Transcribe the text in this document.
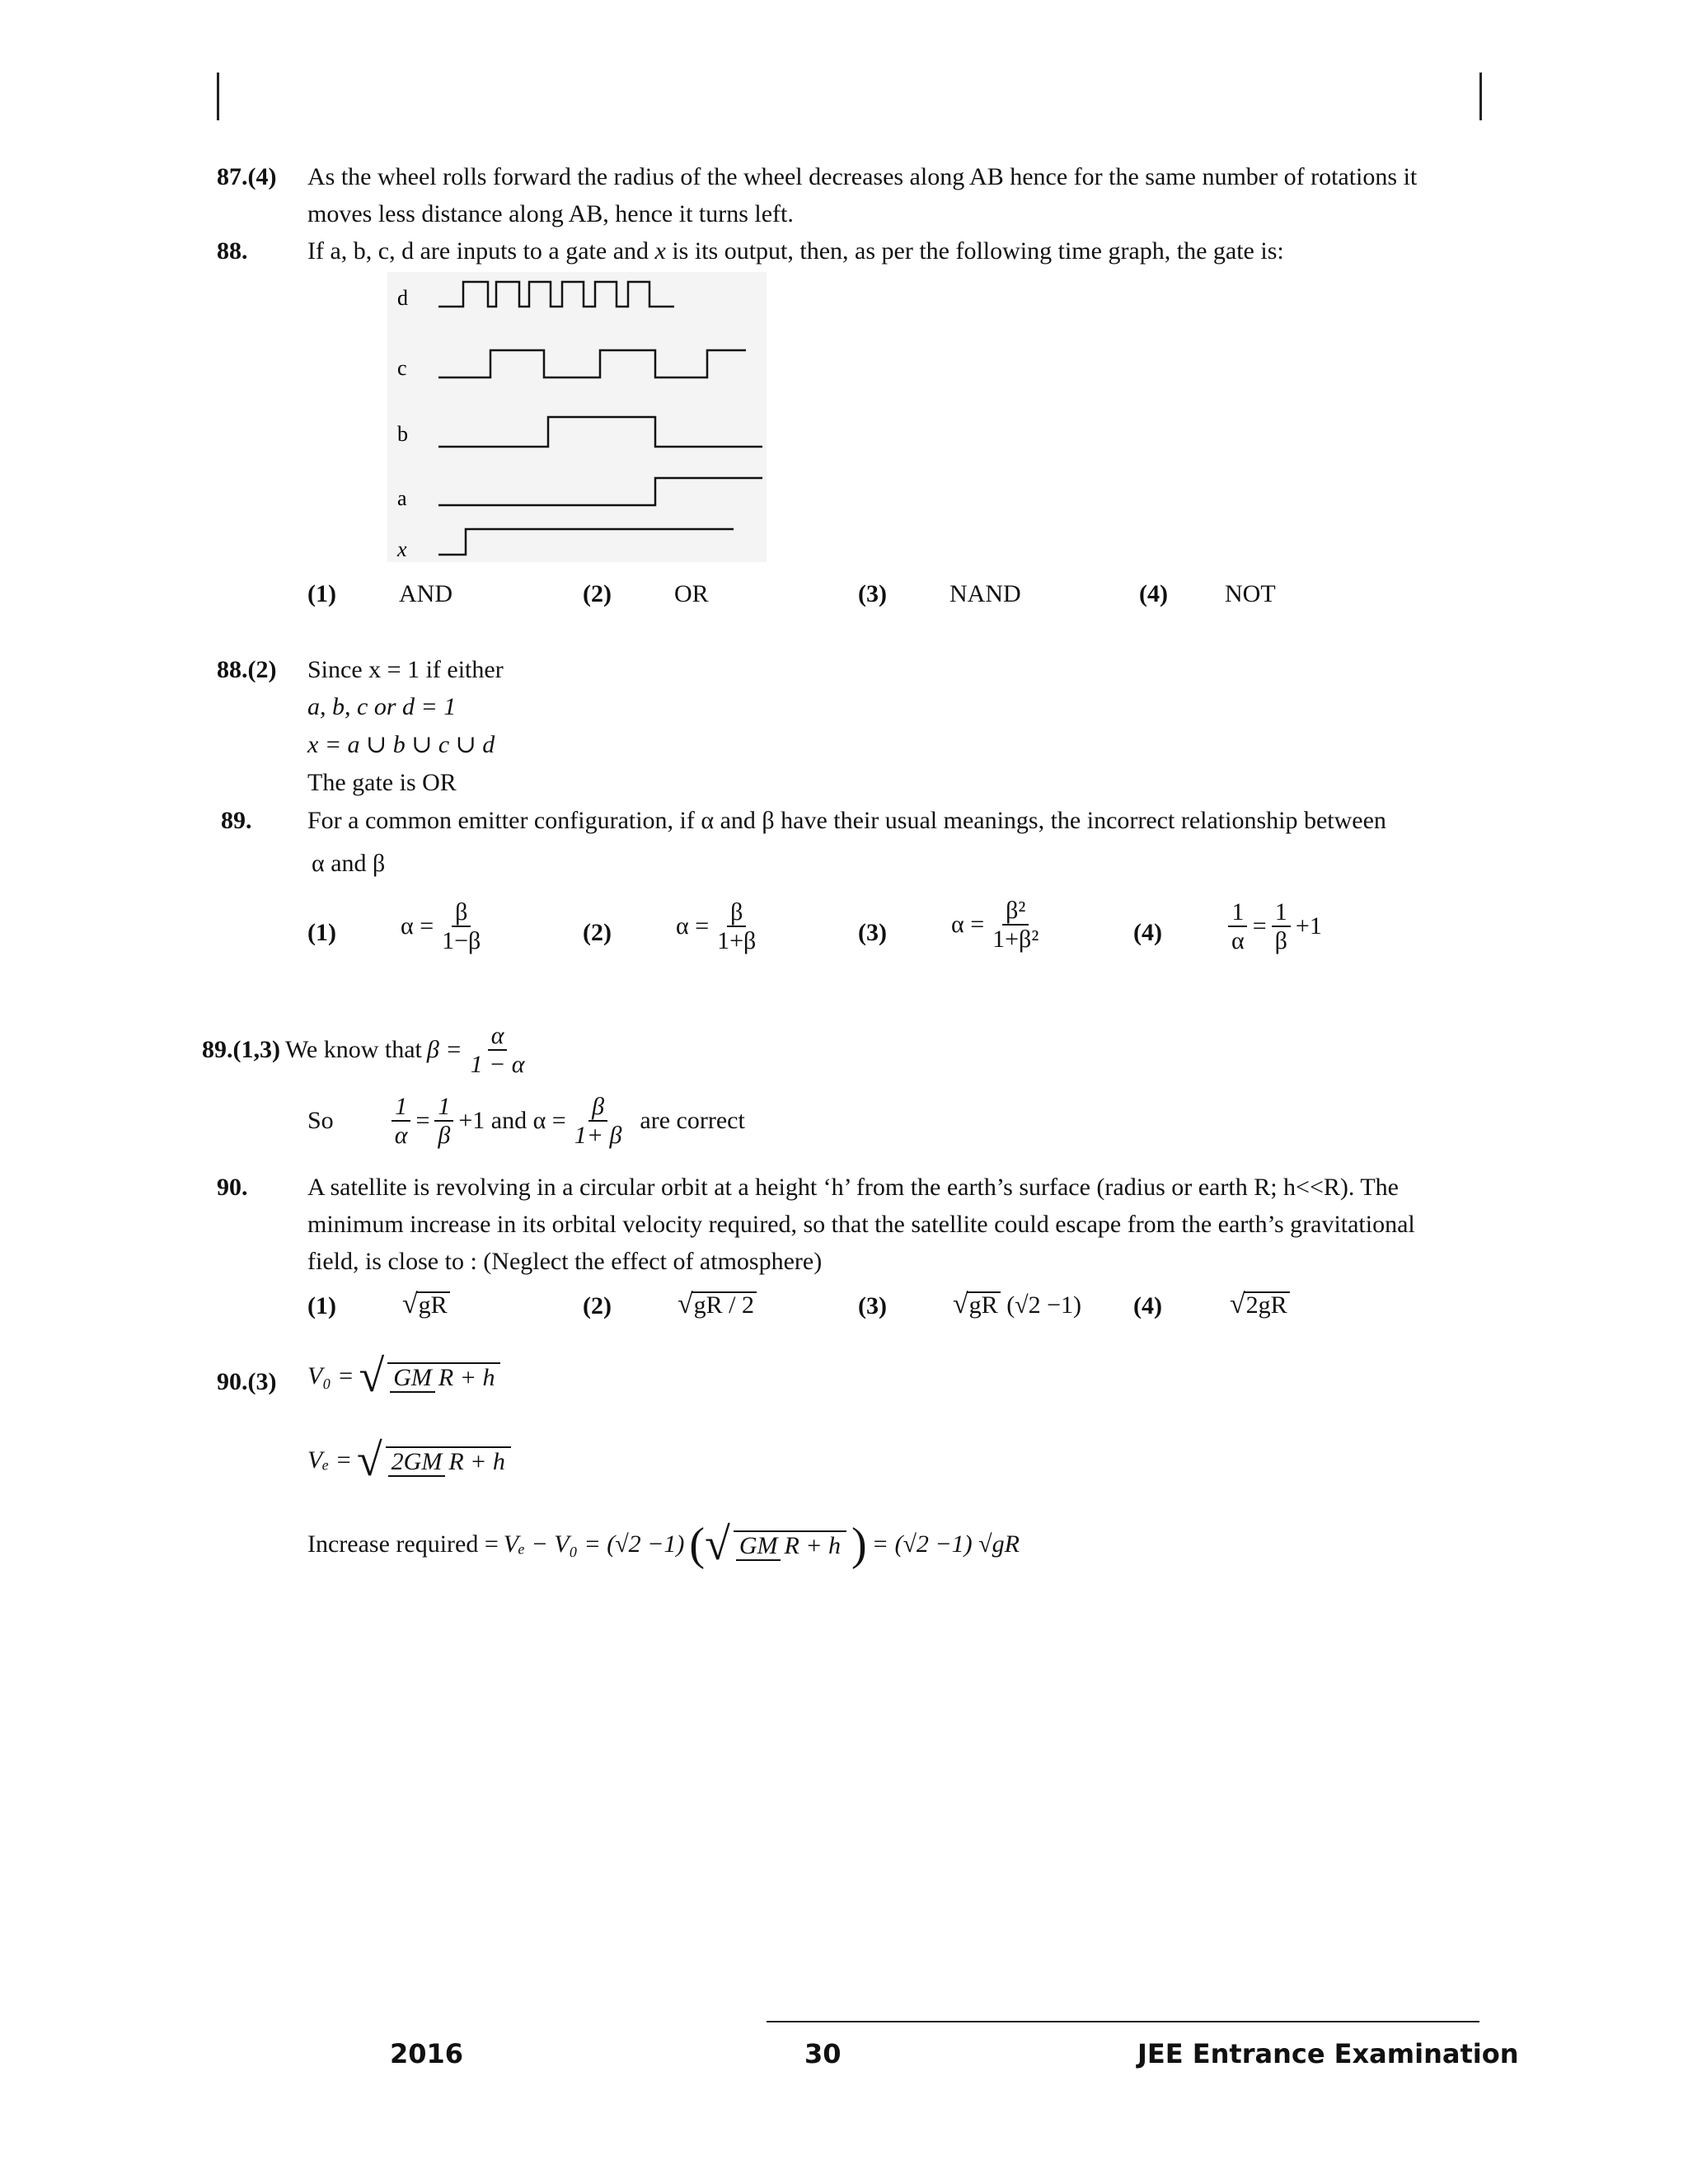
87.(4) As the wheel rolls forward the radius of the wheel decreases along AB hence for the same number of rotations it
moves less distance along AB, hence it turns left.
88. If a, b, c, d are inputs to a gate and x is its output, then, as per the following time graph, the gate is:
d
c
b
a
x
(1)	AND	(2)	OR	(3)	NAND	(4) NOT
88.(2) Since x = 1 if either
a, b, c or d = 1
x = a ∪ b ∪ c ∪ d
The gate is OR
89. For a common emitter configuration, if α and β have their usual meanings, the incorrect relationship between
α and β
(1)	$\alpha = \frac{\beta}{1-\beta}$	(2)	$\alpha = \frac{\beta}{1+\beta}$	(3)	$\alpha = \frac{\text{β²}}{\text{1+β²}}$	(4)	$\frac{1}{\alpha} = \frac{1}{\beta} +1$
89.(1,3) We know that $\beta = \frac{\alpha}{1 - \alpha}$
So $\frac{1}{\alpha} = \frac{1}{\beta} +1$ and $\alpha = \frac{\beta}{1+ \beta}$ are correct
90. A satellite is revolving in a circular orbit at a height ‘h’ from the earth’s surface (radius or earth R; h<<R). The
minimum increase in its orbital velocity required, so that the satellite could escape from the earth’s gravitational
field, is close to : (Neglect the effect of atmosphere)
(1) √gR	(2) √gR / 2	(3) √gR (√2 −1) (4) √2gR
90.(3) V₀ = √ GM R + h
Vₑ = √ 2GM R + h
Increase required = Vₑ − V₀ = (√2 −1) (√ GM R + h ) = (√2 −1) √gR
2016	30	JEE Entrance Examination
